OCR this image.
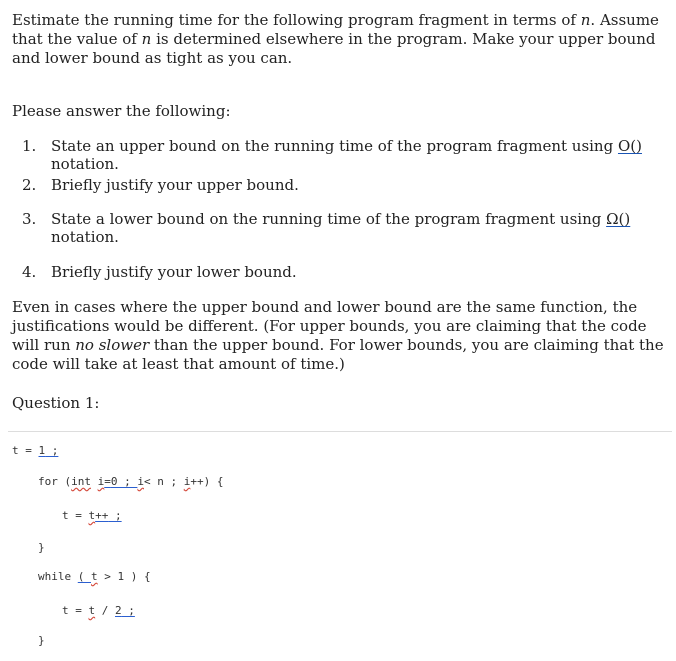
Estimate the running time for the following program fragment in terms of n. Assume that the value of n is determined elsewhere in the program. Make your upper bound and lower bound as tight as you can.

Please answer the following:

1. State an upper bound on the running time of the program fragment using O() notation.
2. Briefly justify your upper bound.
3. State a lower bound on the running time of the program fragment using Ω() notation.
4. Briefly justify your lower bound.

Even in cases where the upper bound and lower bound are the same function, the justifications would be different. (For upper bounds, you are claiming that the code will run no slower than the upper bound. For lower bounds, you are claiming that the code will take at least that amount of time.)

Question 1:

t = 1 ;
for (int i=0 ; i< n ; i++) {
t = t++ ;
}
while ( t > 1 ) {
t = t / 2 ;
}
